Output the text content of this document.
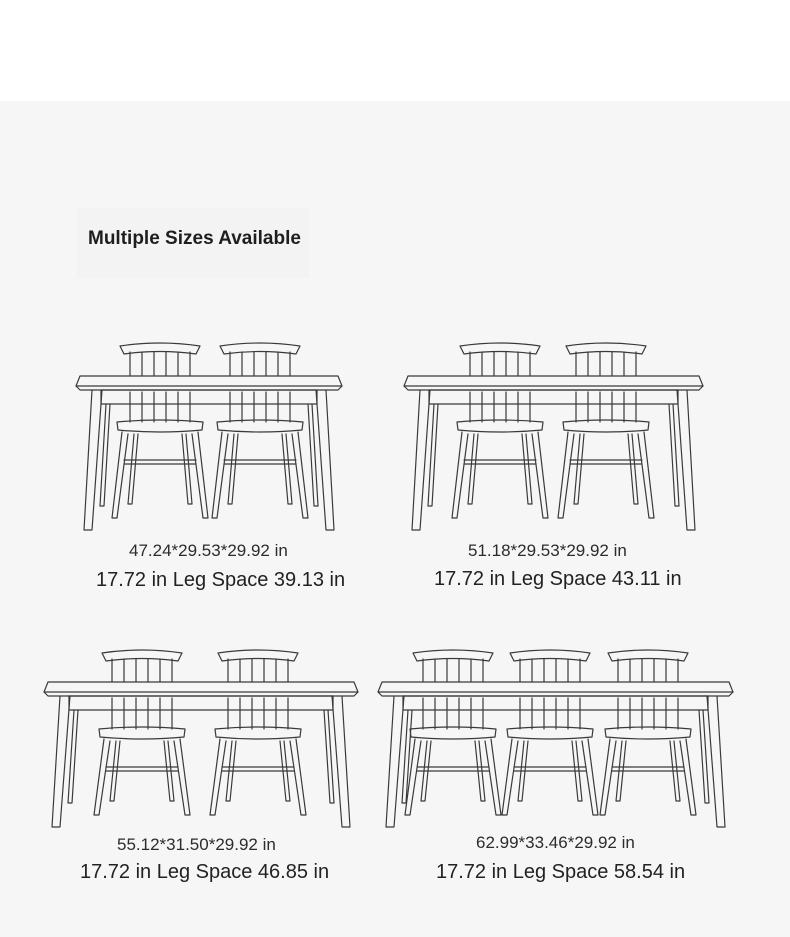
Multiple Sizes Available
47.24*29.53*29.92 in
17.72 in Leg Space 39.13 in
51.18*29.53*29.92 in
17.72 in Leg Space 43.11 in
55.12*31.50*29.92 in
17.72 in Leg Space 46.85 in
62.99*33.46*29.92 in
17.72 in Leg Space 58.54 in
